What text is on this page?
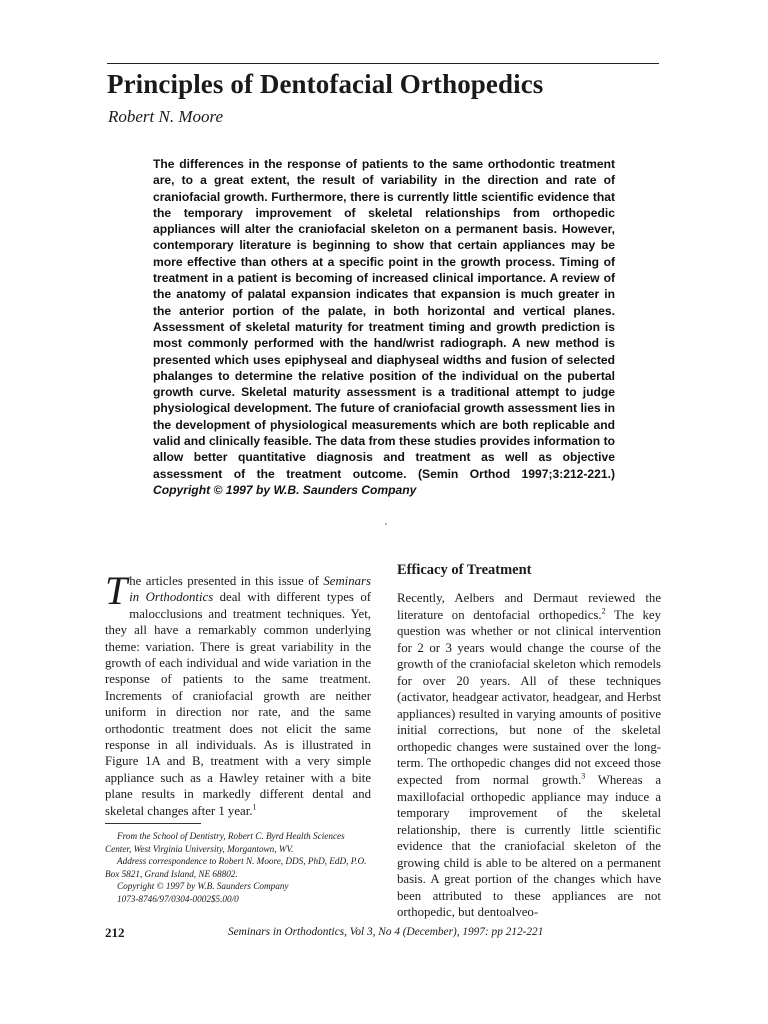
Principles of Dentofacial Orthopedics
Robert N. Moore

The differences in the response of patients to the same orthodontic treatment are, to a great extent, the result of variability in the direction and rate of craniofacial growth. Furthermore, there is currently little scientific evidence that the temporary improvement of skeletal relationships from orthopedic appliances will alter the craniofacial skeleton on a permanent basis. However, contemporary literature is beginning to show that certain appliances may be more effective than others at a specific point in the growth process. Timing of treatment in a patient is becoming of increased clinical importance. A review of the anatomy of palatal expansion indicates that expansion is much greater in the anterior portion of the palate, in both horizontal and vertical planes. Assessment of skeletal maturity for treatment timing and growth prediction is most commonly performed with the hand/wrist radiograph. A new method is presented which uses epiphyseal and diaphyseal widths and fusion of selected phalanges to determine the relative position of the individual on the pubertal growth curve. Skeletal maturity assessment is a traditional attempt to judge physiological development. The future of craniofacial growth assessment lies in the development of physiological measurements which are both replicable and valid and clinically feasible. The data from these studies provides information to allow better quantitative diagnosis and treatment as well as objective assessment of the treatment outcome. (Semin Orthod 1997;3:212-221.) Copyright © 1997 by W.B. Saunders Company

The articles presented in this issue of Seminars in Orthodontics deal with different types of malocclusions and treatment techniques. Yet, they all have a remarkably common underlying theme: variation. There is great variability in the growth of each individual and wide variation in the response of patients to the same treatment. Increments of craniofacial growth are neither uniform in direction nor rate, and the same orthodontic treatment does not elicit the same response in all individuals. As is illustrated in Figure 1A and B, treatment with a very simple appliance such as a Hawley retainer with a bite plane results in markedly different dental and skeletal changes after 1 year.$^1$

Efficacy of Treatment

Recently, Aelbers and Dermaut reviewed the literature on dentofacial orthopedics.$^2$ The key question was whether or not clinical intervention for 2 or 3 years would change the course of the growth of the craniofacial skeleton which remodels for over 20 years. All of these techniques (activator, headgear activator, headgear, and Herbst appliances) resulted in varying amounts of positive initial corrections, but none of the skeletal orthopedic changes were sustained over the long-term. The orthopedic changes did not exceed those expected from normal growth.$^3$ Whereas a maxillofacial orthopedic appliance may induce a temporary improvement of the skeletal relationship, there is currently little scientific evidence that the craniofacial skeleton of the growing child is able to be altered on a permanent basis. A great portion of the changes which have been attributed to these appliances are not orthopedic, but dentoalveo-

From the School of Dentistry, Robert C. Byrd Health Sciences Center, West Virginia University, Morgantown, WV.
Address correspondence to Robert N. Moore, DDS, PhD, EdD, P.O. Box 5821, Grand Island, NE 68802.
Copyright © 1997 by W.B. Saunders Company
1073-8746/97/0304-0002$5.00/0
212	Seminars in Orthodontics, Vol 3, No 4 (December), 1997: pp 212-221
